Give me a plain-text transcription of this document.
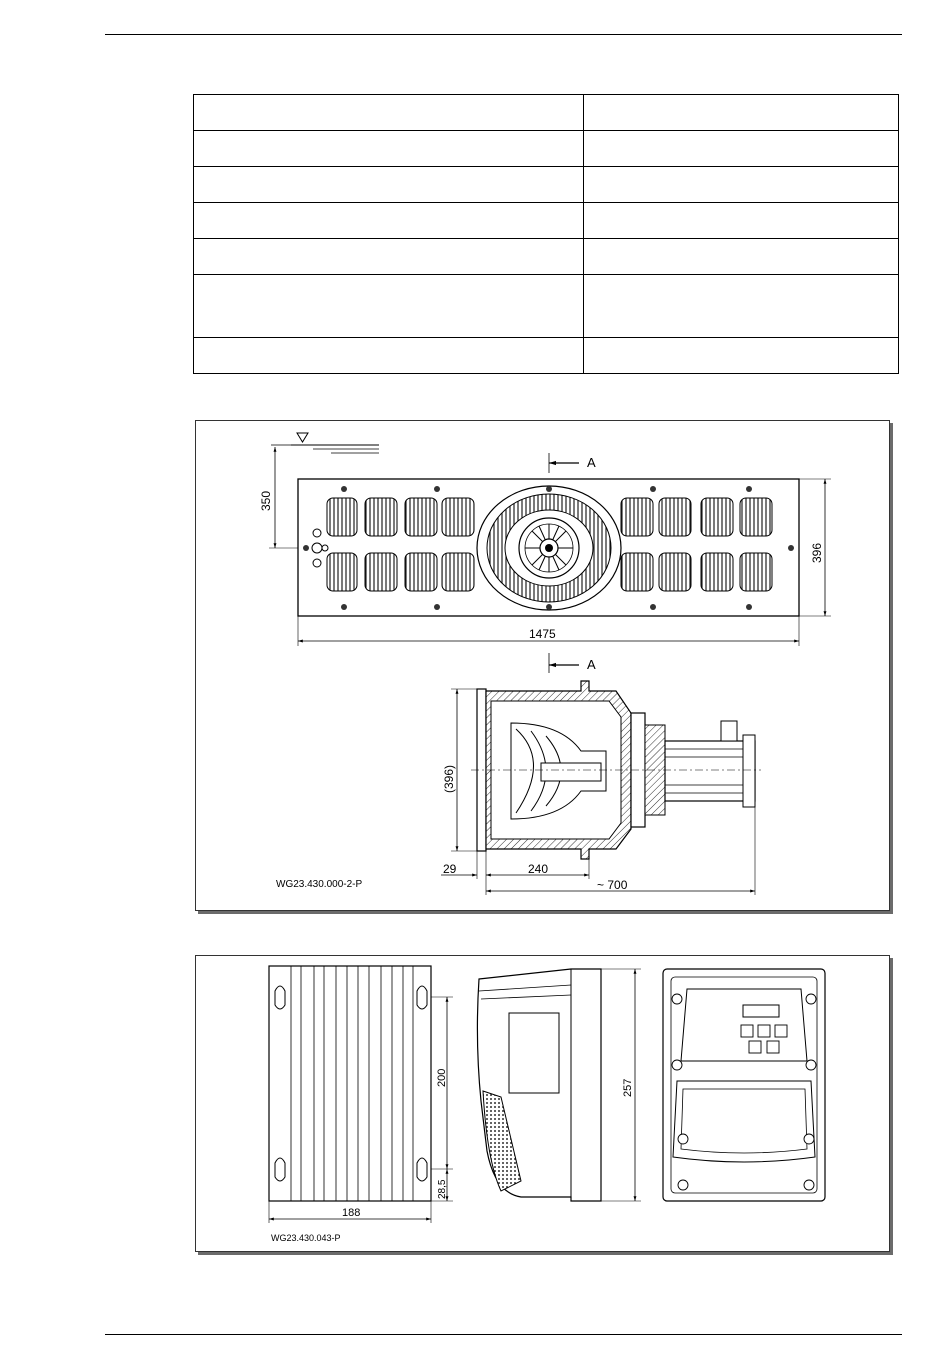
350
A
A
396
1475
(396)
29	240
~ 700
WG23.430.000-2-P
200
28,5
188
257
WG23.430.043-P
